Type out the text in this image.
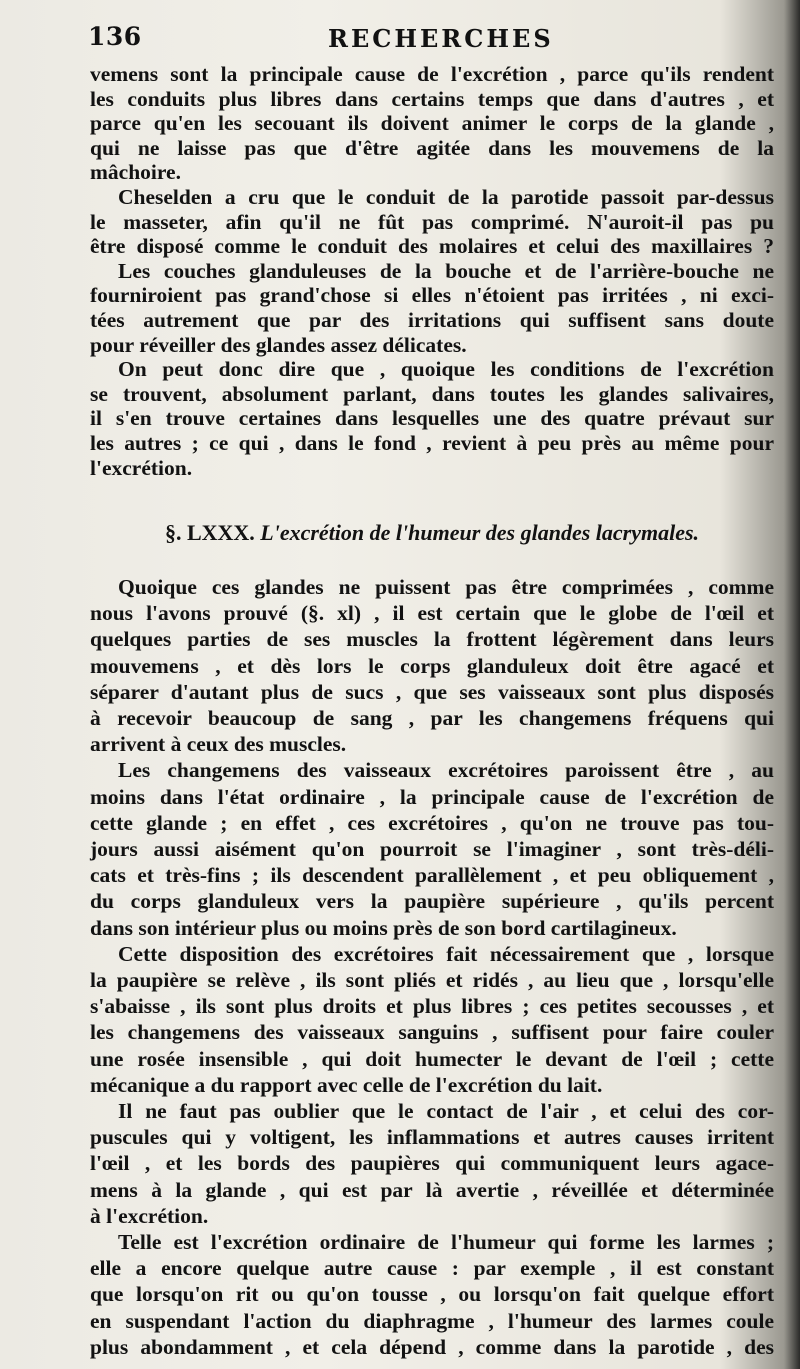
136	RECHERCHES
vemens sont la principale cause de l'excrétion , parce qu'ils rendent
les conduits plus libres dans certains temps que dans d'autres , et
parce qu'en les secouant ils doivent animer le corps de la glande ,
qui ne laisse pas que d'être agitée dans les mouvemens de la
mâchoire.
Cheselden a cru que le conduit de la parotide passoit par-dessus
le masseter, afin qu'il ne fût pas comprimé. N'auroit-il pas pu
être disposé comme le conduit des molaires et celui des maxillaires ?
Les couches glanduleuses de la bouche et de l'arrière-bouche ne
fourniroient pas grand'chose si elles n'étoient pas irritées , ni exci-
tées autrement que par des irritations qui suffisent sans doute
pour réveiller des glandes assez délicates.
On peut donc dire que , quoique les conditions de l'excrétion
se trouvent, absolument parlant, dans toutes les glandes salivaires,
il s'en trouve certaines dans lesquelles une des quatre prévaut sur
les autres ; ce qui , dans le fond , revient à peu près au même pour
l'excrétion.
§. LXXX. L'excrétion de l'humeur des glandes lacrymales.
Quoique ces glandes ne puissent pas être comprimées , comme
nous l'avons prouvé (§. xl) , il est certain que le globe de l'œil et
quelques parties de ses muscles la frottent légèrement dans leurs
mouvemens , et dès lors le corps glanduleux doit être agacé et
séparer d'autant plus de sucs , que ses vaisseaux sont plus disposés
à recevoir beaucoup de sang , par les changemens fréquens qui
arrivent à ceux des muscles.
Les changemens des vaisseaux excrétoires paroissent être , au
moins dans l'état ordinaire , la principale cause de l'excrétion de
cette glande ; en effet , ces excrétoires , qu'on ne trouve pas tou-
jours aussi aisément qu'on pourroit se l'imaginer , sont très-déli-
cats et très-fins ; ils descendent parallèlement , et peu obliquement ,
du corps glanduleux vers la paupière supérieure , qu'ils percent
dans son intérieur plus ou moins près de son bord cartilagineux.
Cette disposition des excrétoires fait nécessairement que , lorsque
la paupière se relève , ils sont pliés et ridés , au lieu que , lorsqu'elle
s'abaisse , ils sont plus droits et plus libres ; ces petites secousses , et
les changemens des vaisseaux sanguins , suffisent pour faire couler
une rosée insensible , qui doit humecter le devant de l'œil ; cette
mécanique a du rapport avec celle de l'excrétion du lait.
Il ne faut pas oublier que le contact de l'air , et celui des cor-
puscules qui y voltigent, les inflammations et autres causes irritent
l'œil , et les bords des paupières qui communiquent leurs agace-
mens à la glande , qui est par là avertie , réveillée et déterminée
à l'excrétion.
Telle est l'excrétion ordinaire de l'humeur qui forme les larmes ;
elle a encore quelque autre cause : par exemple , il est constant
que lorsqu'on rit ou qu'on tousse , ou lorsqu'on fait quelque effort
en suspendant l'action du diaphragme , l'humeur des larmes coule
plus abondamment , et cela dépend , comme dans la parotide , des
